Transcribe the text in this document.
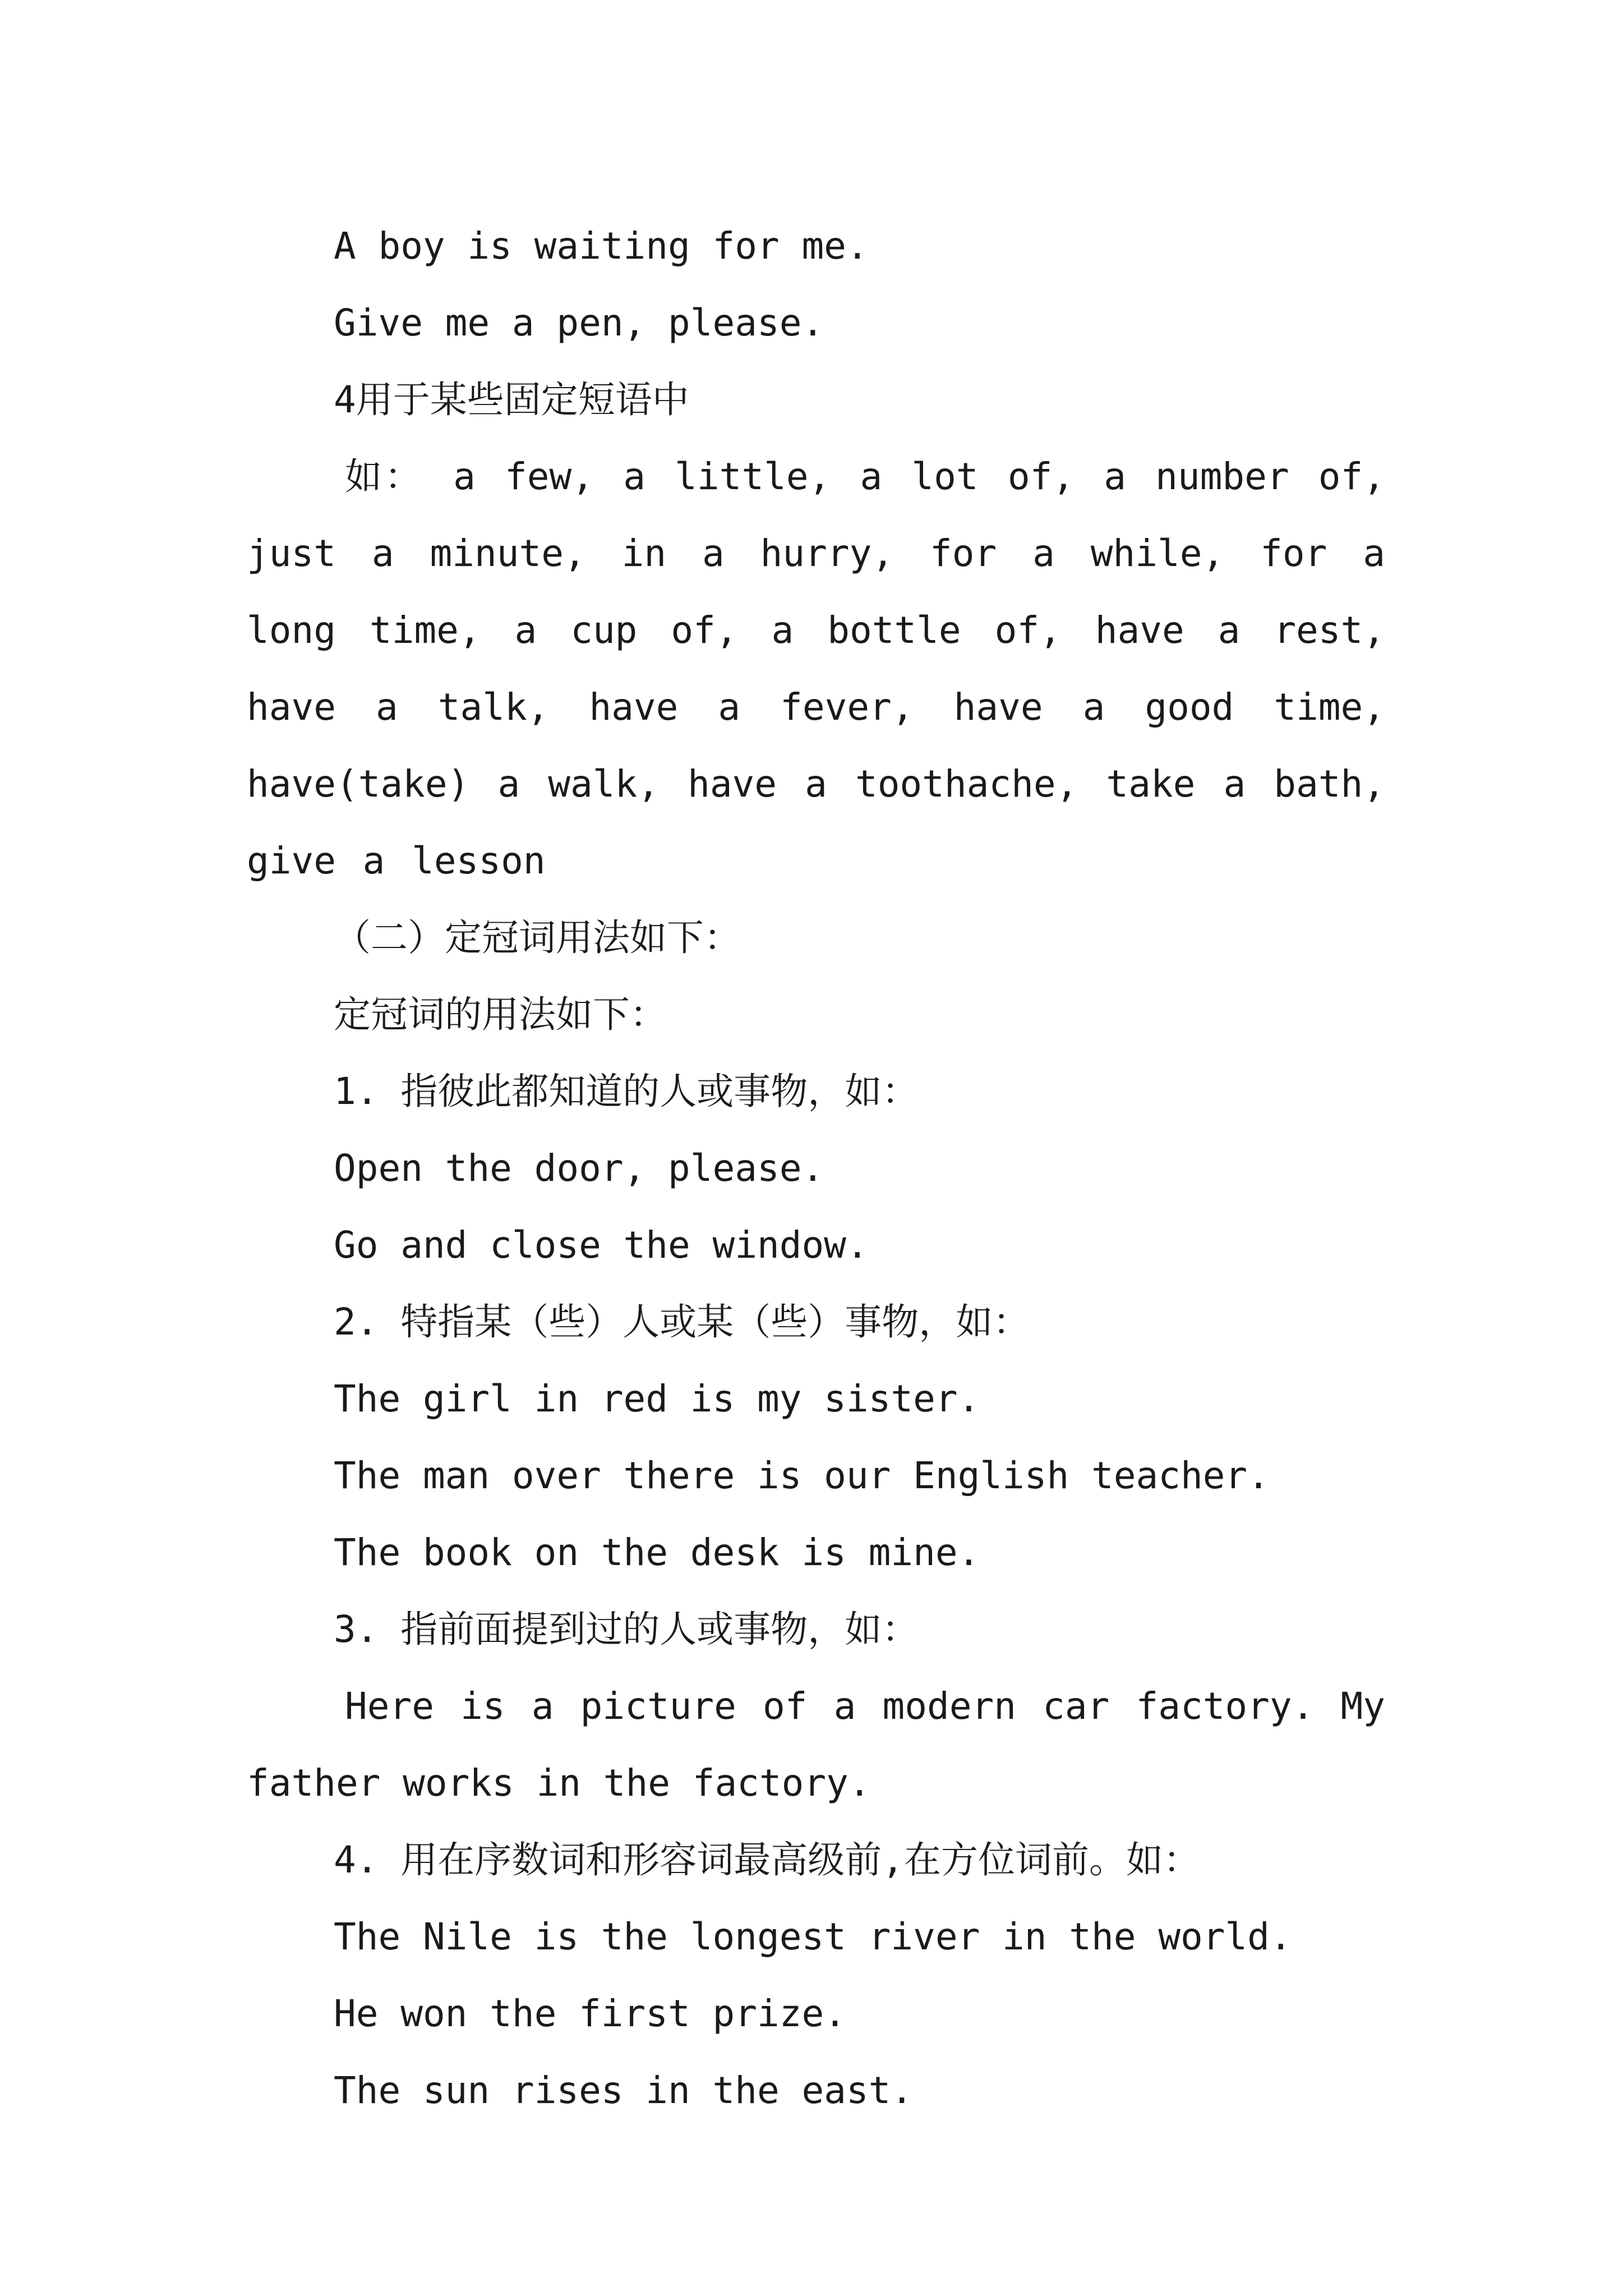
A boy is waiting for me.
Give me a pen, please.
4用于某些固定短语中
如： a few, a little, a lot of, a number of, just a minute, in a hurry, for a while, for a long time, a cup of, a bottle of, have a rest, have a talk, have a fever, have a good time, have(take) a walk, have a toothache, take a bath, give a lesson
（二）定冠词用法如下：
定冠词的用法如下：
1. 指彼此都知道的人或事物，如：
Open the door, please.
Go and close the window.
2. 特指某（些）人或某（些）事物，如：
The girl in red is my sister.
The man over there is our English teacher.
The book on the desk is mine.
3. 指前面提到过的人或事物，如：
Here is a picture of a modern car factory. My father works in the factory.
4. 用在序数词和形容词最高级前,在方位词前。如：
The Nile is the longest river in the world.
He won the first prize.
The sun rises in the east.
